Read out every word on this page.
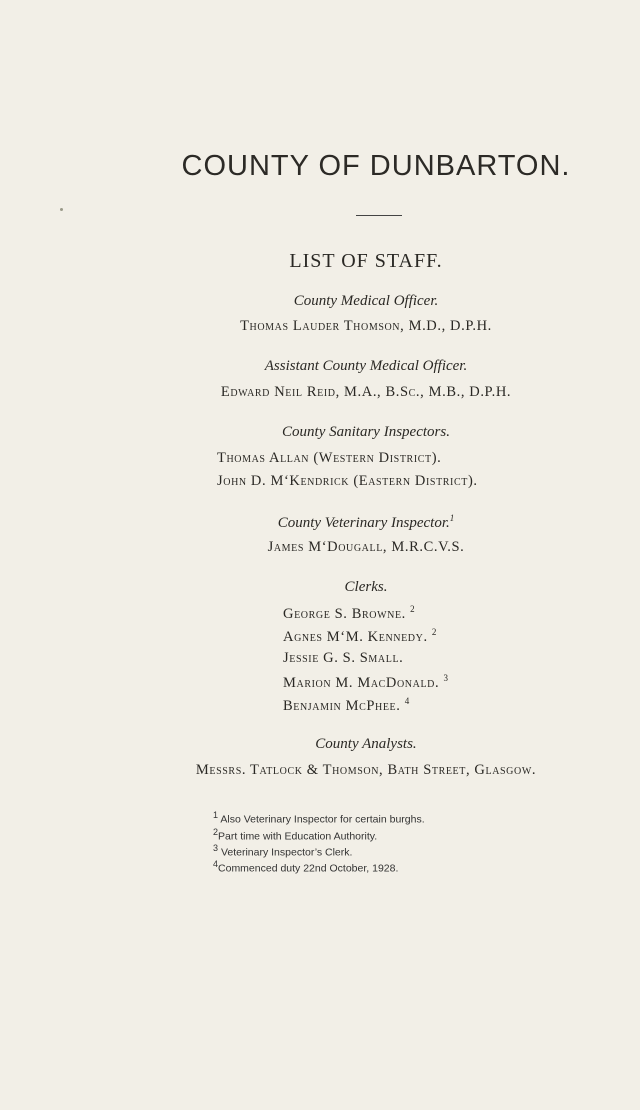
COUNTY OF DUNBARTON.
LIST OF STAFF.
County Medical Officer.
Thomas Lauder Thomson, M.D., D.P.H.
Assistant County Medical Officer.
Edward Neil Reid, M.A., B.Sc., M.B., D.P.H.
County Sanitary Inspectors.
Thomas Allan (Western District).
John D. M‘Kendrick (Eastern District).
County Veterinary Inspector.$^1$
James M‘Dougall, M.R.C.V.S.
Clerks.
George S. Browne. $^2$
Agnes M‘M. Kennedy. $^2$
Jessie G. S. Small.
Marion M. MacDonald. $^3$
Benjamin McPhee. $^4$
County Analysts.
Messrs. Tatlock & Thomson, Bath Street, Glasgow.
$^1$ Also Veterinary Inspector for certain burghs.
$^2$Part time with Education Authority.
$^3$ Veterinary Inspector’s Clerk.
$^4$Commenced duty 22nd October, 1928.
